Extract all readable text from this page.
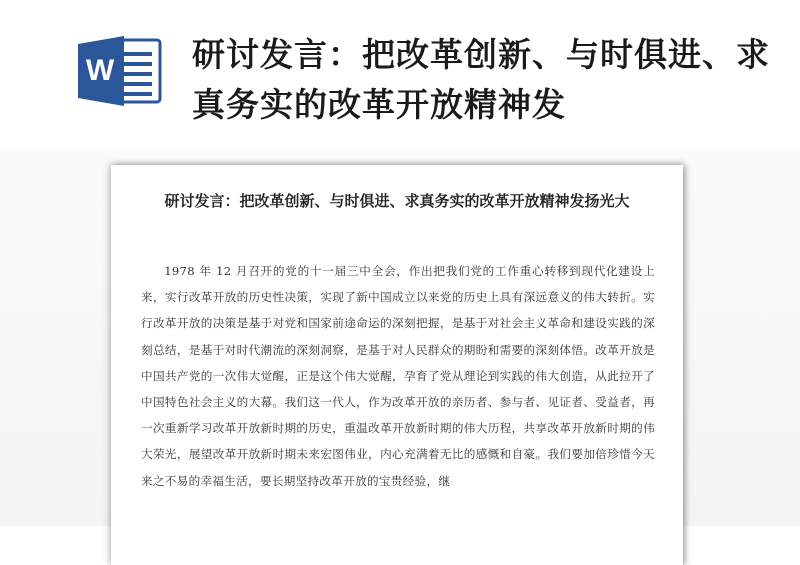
W 研讨发言：把改革创新、与时俱进、求真务实的改革开放精神发
研讨发言：把改革创新、与时俱进、求真务实的改革开放精神发扬光大
1978 年 12 月召开的党的十一届三中全会，作出把我们党的工作重心转移到现代化建设上来，实行改革开放的历史性决策，实现了新中国成立以来党的历史上具有深远意义的伟大转折。实行改革开放的决策是基于对党和国家前途命运的深刻把握，是基于对社会主义革命和建设实践的深刻总结，是基于对时代潮流的深刻洞察，是基于对人民群众的期盼和需要的深刻体悟。改革开放是中国共产党的一次伟大觉醒，正是这个伟大觉醒，孕育了党从理论到实践的伟大创造，从此拉开了中国特色社会主义的大幕。我们这一代人，作为改革开放的亲历者、参与者、见证者、受益者，再一次重新学习改革开放新时期的历史，重温改革开放新时期的伟大历程，共享改革开放新时期的伟大荣光，展望改革开放新时期未来宏图伟业，内心充满着无比的感慨和自豪。我们要加倍珍惜今天来之不易的幸福生活，要长期坚持改革开放的宝贵经验，继
